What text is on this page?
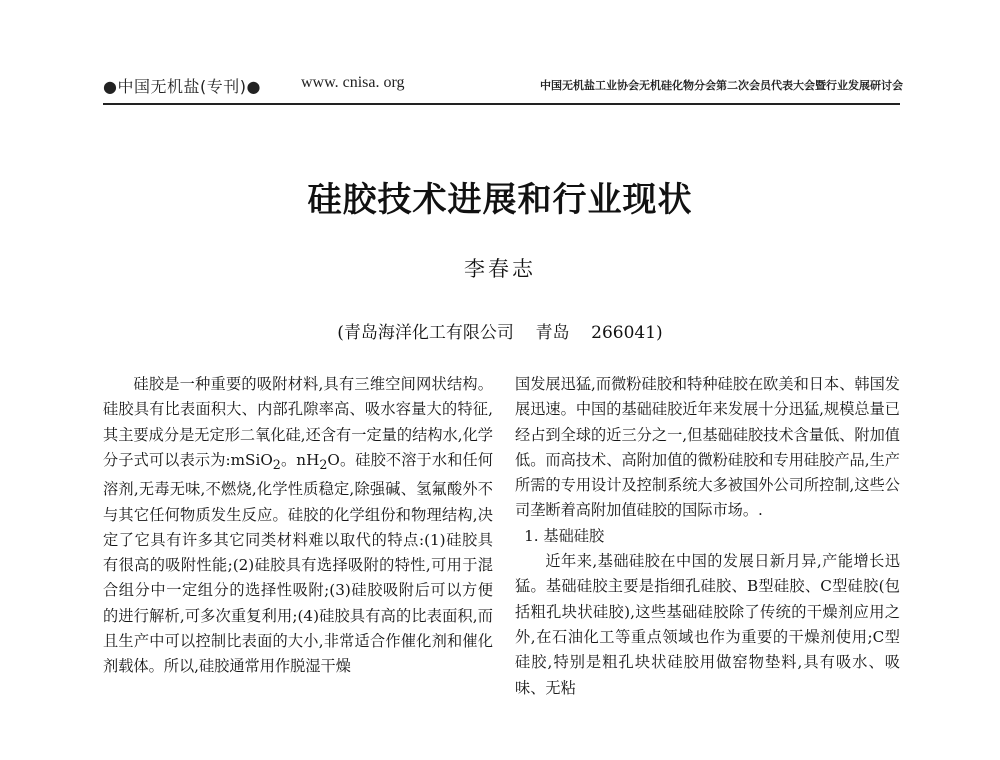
●中国无机盐(专刊)●	www. cnisa. org	中国无机盐工业协会无机硅化物分会第二次会员代表大会暨行业发展研讨会
硅胶技术进展和行业现状
李春志
(青岛海洋化工有限公司    青岛    266041)

硅胶是一种重要的吸附材料,具有三维空间网状结构。硅胶具有比表面积大、内部孔隙率高、吸水容量大的特征,其主要成分是无定形二氧化硅,还含有一定量的结构水,化学分子式可以表示为:mSiO$_2$。$nH_2O$。硅胶不溶于水和任何溶剂,无毒无味,不燃烧,化学性质稳定,除强碱、氢氟酸外不与其它任何物质发生反应。硅胶的化学组份和物理结构,决定了它具有许多其它同类材料难以取代的特点:(1)硅胶具有很高的吸附性能;(2)硅胶具有选择吸附的特性,可用于混合组分中一定组分的选择性吸附;(3)硅胶吸附后可以方便的进行解析,可多次重复利用;(4)硅胶具有高的比表面积,而且生产中可以控制比表面的大小,非常适合作催化剂和催化剂载体。所以,硅胶通常用作脱湿干燥

国发展迅猛,而微粉硅胶和特种硅胶在欧美和日本、韩国发展迅速。中国的基础硅胶近年来发展十分迅猛,规模总量已经占到全球的近三分之一,但基础硅胶技术含量低、附加值低。而高技术、高附加值的微粉硅胶和专用硅胶产品,生产所需的专用设计及控制系统大多被国外公司所控制,这些公司垄断着高附加值硅胶的国际市场。.

1. 基础硅胶

近年来,基础硅胶在中国的发展日新月异,产能增长迅猛。基础硅胶主要是指细孔硅胶、B型硅胶、C型硅胶(包括粗孔块状硅胶),这些基础硅胶除了传统的干燥剂应用之外,在石油化工等重点领域也作为重要的干燥剂使用;C型硅胶,特别是粗孔块状硅胶用做窑物垫料,具有吸水、吸味、无粘
